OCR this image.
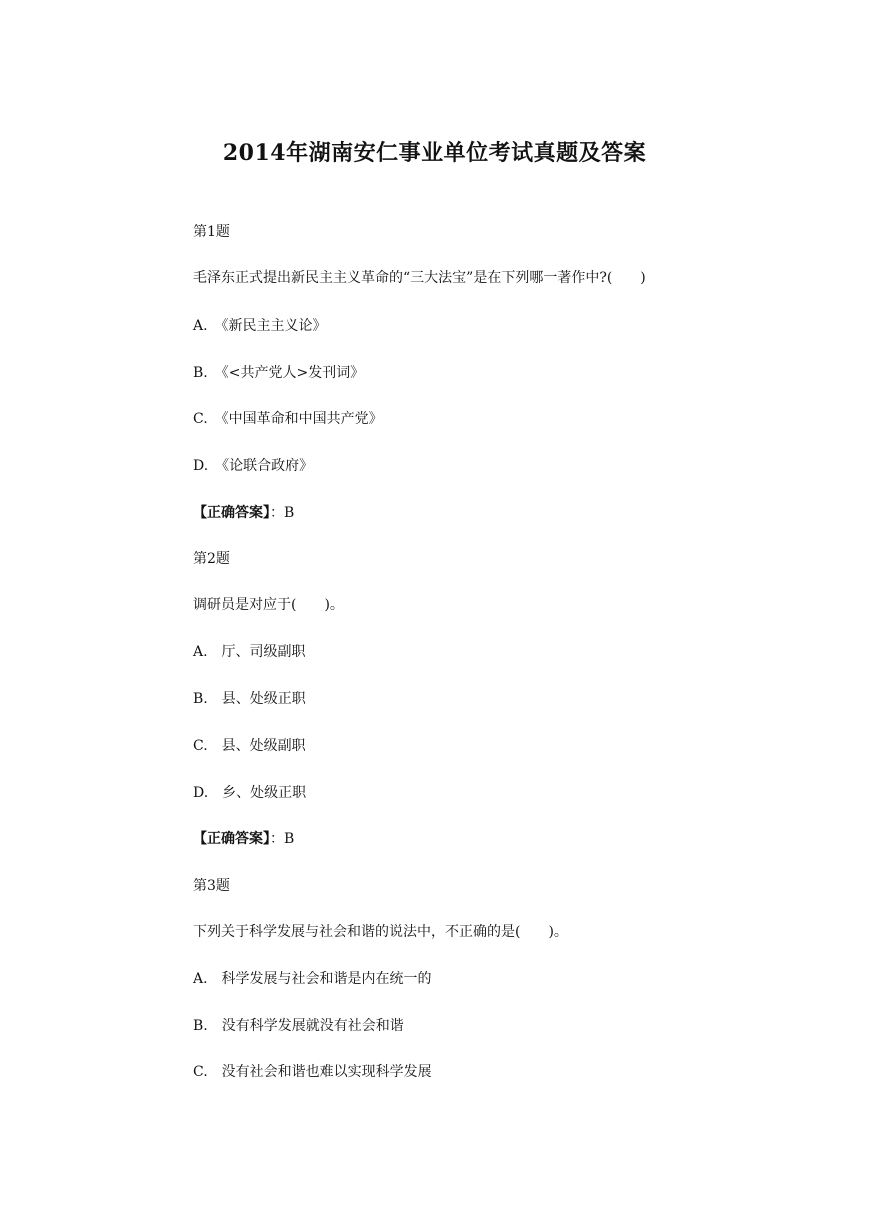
2014年湖南安仁事业单位考试真题及答案
第1题
毛泽东正式提出新民主主义革命的“三大法宝”是在下列哪一著作中?(　　)
A.　《新民主主义论》
B.　《<共产党人>发刊词》
C.　《中国革命和中国共产党》
D.　《论联合政府》
【正确答案】：B
第2题
调研员是对应于(　　)。
A.　厅、司级副职
B.　县、处级正职
C.　县、处级副职
D.　乡、处级正职
【正确答案】：B
第3题
下列关于科学发展与社会和谐的说法中，不正确的是(　　)。
A.　科学发展与社会和谐是内在统一的
B.　没有科学发展就没有社会和谐
C.　没有社会和谐也难以实现科学发展
